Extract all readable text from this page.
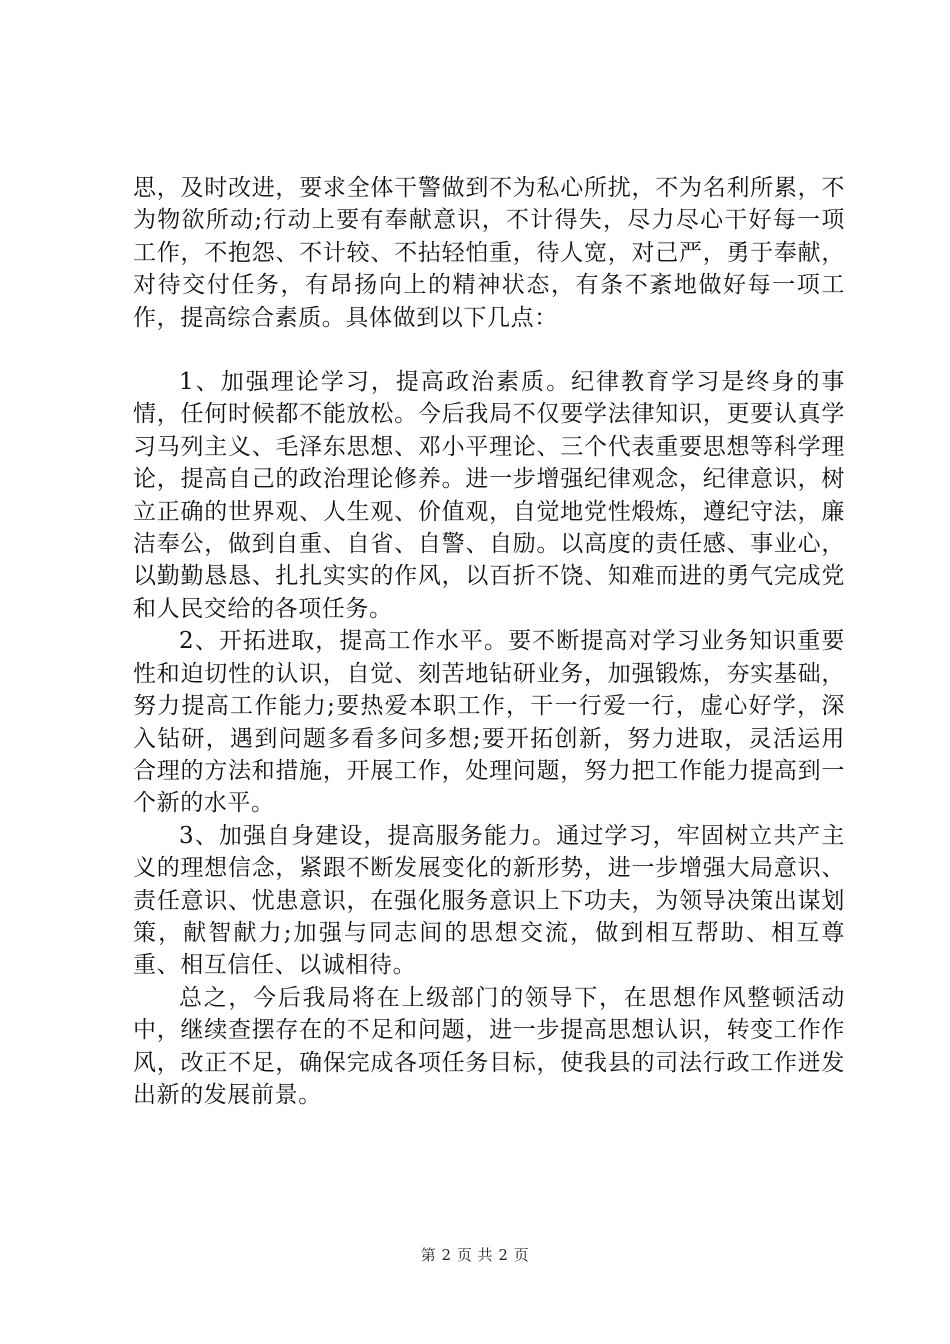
思，及时改进，要求全体干警做到不为私心所扰，不为名利所累，不为物欲所动;行动上要有奉献意识，不计得失，尽力尽心干好每一项工作，不抱怨、不计较、不拈轻怕重，待人宽，对己严，勇于奉献，对待交付任务，有昂扬向上的精神状态，有条不紊地做好每一项工作，提高综合素质。具体做到以下几点：

1、加强理论学习，提高政治素质。纪律教育学习是终身的事情，任何时候都不能放松。今后我局不仅要学法律知识，更要认真学习马列主义、毛泽东思想、邓小平理论、三个代表重要思想等科学理论，提高自己的政治理论修养。进一步增强纪律观念，纪律意识，树立正确的世界观、人生观、价值观，自觉地党性煅炼，遵纪守法，廉洁奉公，做到自重、自省、自警、自励。以高度的责任感、事业心，以勤勤恳恳、扎扎实实的作风，以百折不饶、知难而进的勇气完成党和人民交给的各项任务。

2、开拓进取，提高工作水平。要不断提高对学习业务知识重要性和迫切性的认识，自觉、刻苦地钻研业务，加强锻炼，夯实基础，努力提高工作能力;要热爱本职工作，干一行爱一行，虚心好学，深入钻研，遇到问题多看多问多想;要开拓创新，努力进取，灵活运用合理的方法和措施，开展工作，处理问题，努力把工作能力提高到一个新的水平。

3、加强自身建设，提高服务能力。通过学习，牢固树立共产主义的理想信念，紧跟不断发展变化的新形势，进一步增强大局意识、责任意识、忧患意识，在强化服务意识上下功夫，为领导决策出谋划策，献智献力;加强与同志间的思想交流，做到相互帮助、相互尊重、相互信任、以诚相待。

总之，今后我局将在上级部门的领导下，在思想作风整顿活动中，继续查摆存在的不足和问题，进一步提高思想认识，转变工作作风，改正不足，确保完成各项任务目标，使我县的司法行政工作迸发出新的发展前景。

第 2 页 共 2 页
